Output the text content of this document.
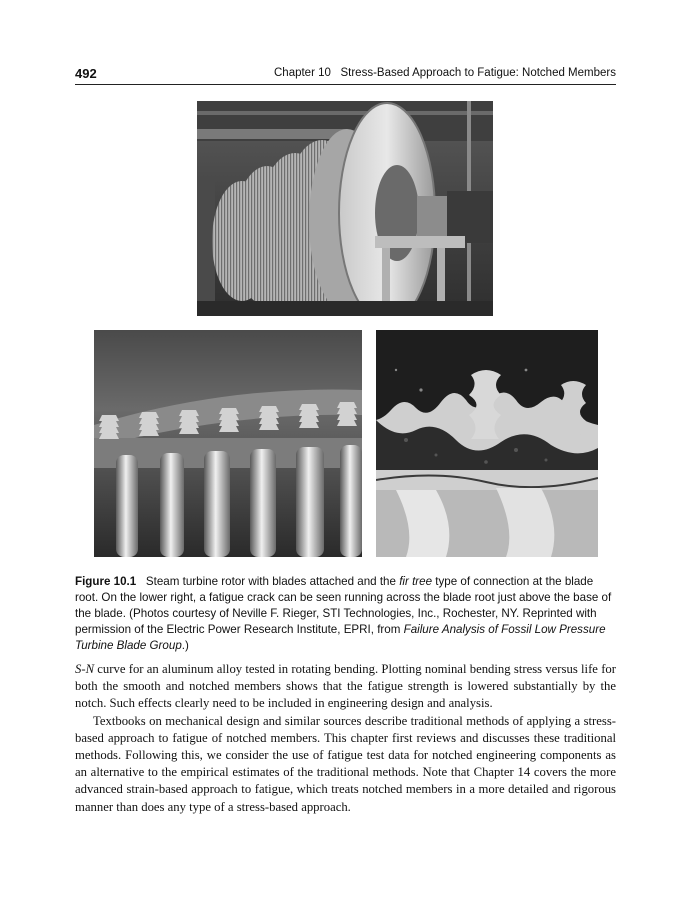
492	Chapter 10   Stress-Based Approach to Fatigue: Notched Members
Figure 10.1 Steam turbine rotor with blades attached and the fir tree type of connection at the blade root. On the lower right, a fatigue crack can be seen running across the blade root just above the base of the blade. (Photos courtesy of Neville F. Rieger, STI Technologies, Inc., Rochester, NY. Reprinted with permission of the Electric Power Research Institute, EPRI, from Failure Analysis of Fossil Low Pressure Turbine Blade Group.)

S-N curve for an aluminum alloy tested in rotating bending. Plotting nominal bending stress versus life for both the smooth and notched members shows that the fatigue strength is lowered substantially by the notch. Such effects clearly need to be included in engineering design and analysis.

Textbooks on mechanical design and similar sources describe traditional methods of applying a stress-based approach to fatigue of notched members. This chapter first reviews and discusses these traditional methods. Following this, we consider the use of fatigue test data for notched engineering components as an alternative to the empirical estimates of the traditional methods. Note that Chapter 14 covers the more advanced strain-based approach to fatigue, which treats notched members in a more detailed and rigorous manner than does any type of a stress-based approach.
